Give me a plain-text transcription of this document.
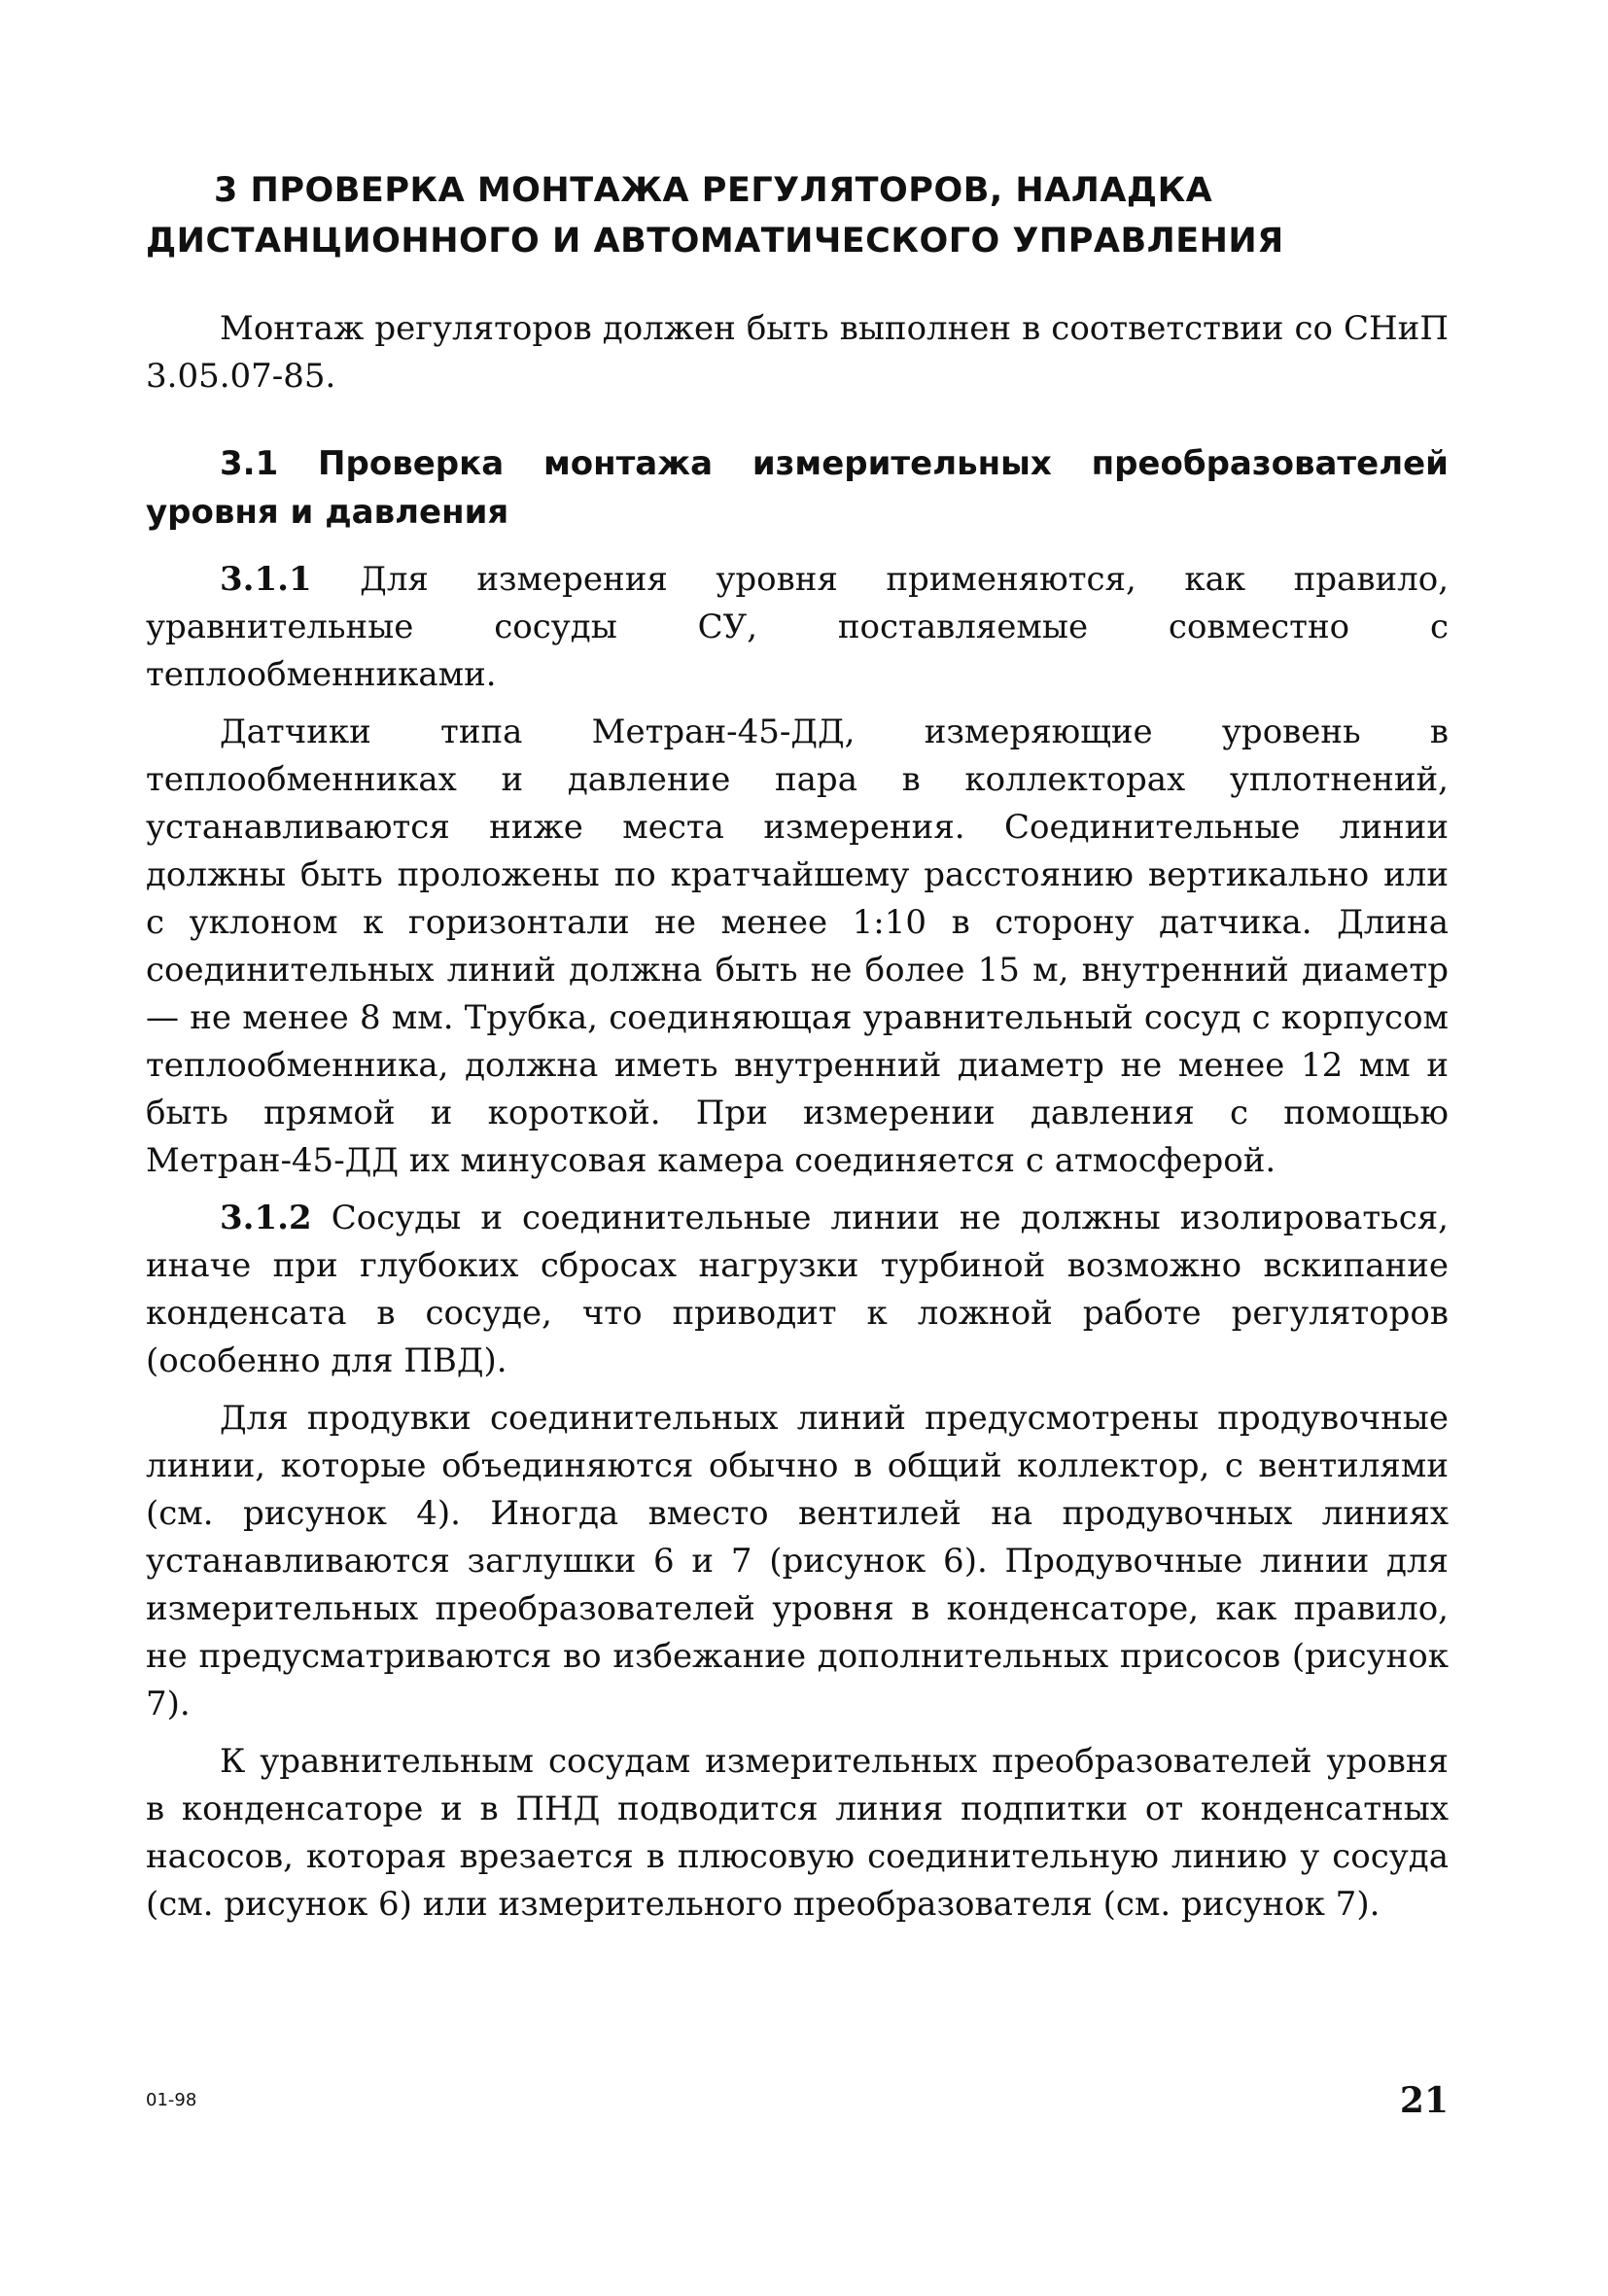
3 ПРОВЕРКА МОНТАЖА РЕГУЛЯТОРОВ, НАЛАДКА
ДИСТАНЦИОННОГО И АВТОМАТИЧЕСКОГО УПРАВЛЕНИЯ

Монтаж регуляторов должен быть выполнен в соответствии со СНиП 3.05.07-85.

3.1 Проверка монтажа измерительных преобразователей уровня и давления

3.1.1 Для измерения уровня применяются, как правило, уравнительные сосуды СУ, поставляемые совместно с теплообменниками.

Датчики типа Метран-45-ДД, измеряющие уровень в теплообменниках и давление пара в коллекторах уплотнений, устанавливаются ниже места измерения. Соединительные линии должны быть проложены по кратчайшему расстоянию вертикально или с уклоном к горизонтали не менее 1:10 в сторону датчика. Длина соединительных линий должна быть не более 15 м, внутренний диаметр — не менее 8 мм. Трубка, соединяющая уравнительный сосуд с корпусом теплообменника, должна иметь внутренний диаметр не менее 12 мм и быть прямой и короткой. При измерении давления с помощью Метран-45-ДД их минусовая камера соединяется с атмосферой.

3.1.2 Сосуды и соединительные линии не должны изолироваться, иначе при глубоких сбросах нагрузки турбиной возможно вскипание конденсата в сосуде, что приводит к ложной работе регуляторов (особенно для ПВД).

Для продувки соединительных линий предусмотрены продувочные линии, которые объединяются обычно в общий коллектор, с вентилями (см. рисунок 4). Иногда вместо вентилей на продувочных линиях устанавливаются заглушки 6 и 7 (рисунок 6). Продувочные линии для измерительных преобразователей уровня в конденсаторе, как правило, не предусматриваются во избежание дополнительных присосов (рисунок 7).

К уравнительным сосудам измерительных преобразователей уровня в конденсаторе и в ПНД подводится линия подпитки от конденсатных насосов, которая врезается в плюсовую соединительную линию у сосуда (см. рисунок 6) или измерительного преобразователя (см. рисунок 7).

01-98	21
